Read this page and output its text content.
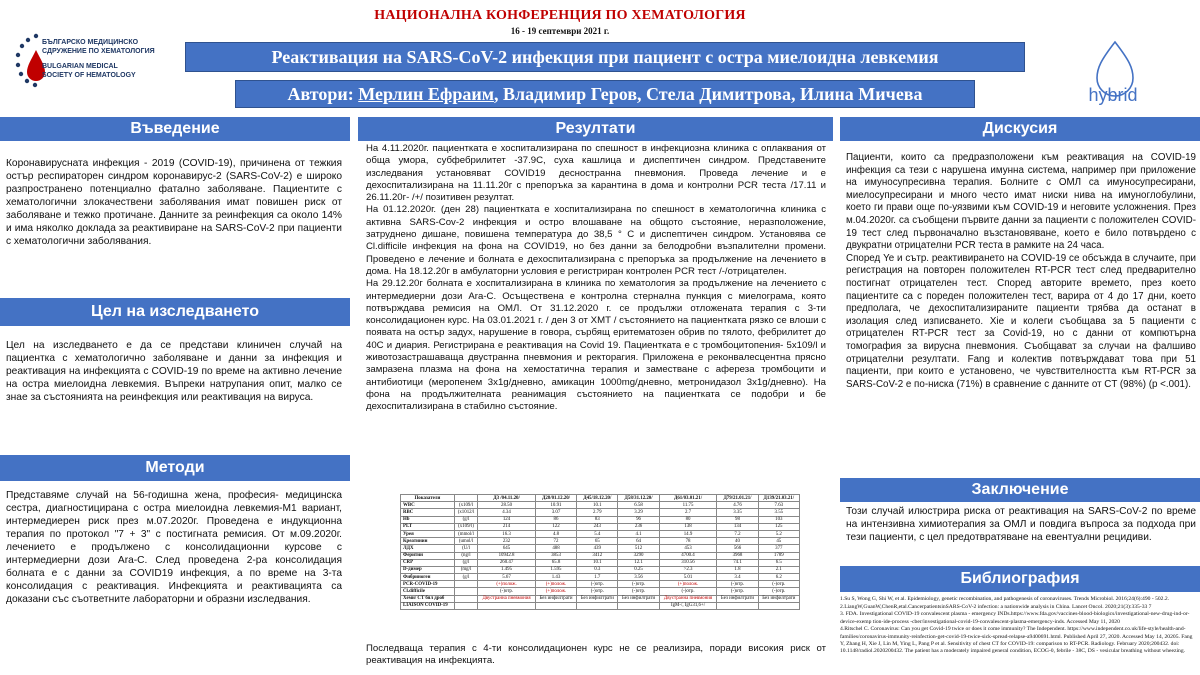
НАЦИОНАЛНА КОНФЕРЕНЦИЯ ПО ХЕМАТОЛОГИЯ
16 - 19 септември 2021 г.
БЪЛГАРСКО МЕДИЦИНСКО
СДРУЖЕНИЕ ПО ХЕМАТОЛОГИЯ
BULGARIAN MEDICAL
SOCIETY OF HEMATOLOGY
hybrid
Реактивация на SARS-CoV-2 инфекция при пациент с остра миелоидна левкемия
Автори: Мерлин Ефраим, Владимир Геров, Стела Димитрова, Илина Мичева
Въведение
Коронавирусната инфекция - 2019 (COVID-19), причинена от тежкия остър респираторен синдром коронавирус-2 (SARS-CoV-2) е широко разпространено потенциално фатално заболяване. Пациентите с хематологични злокачествени заболявания имат повишен риск от заболяване и тежко протичане. Данните за реинфекция са около 14% и има няколко доклада за реактивиране на SARS-CoV-2 при пациенти с хематологични заболявания.
Цел на изследването
Цел на изследването е да се представи клиничен случай на пациентка с хематологично заболяване и данни за инфекция и реактивация на инфекцията с COVID-19 по време на активно лечение на остра миелоидна левкемия. Въпреки натрупания опит, малко се знае за състоянията на реинфекция или реактивация на вируса.
Методи
Представяме случай на 56-годишна жена, професия- медицинска сестра, диагностицирана с остра миелоидна левкемия-М1 вариант, интермедиерен риск през м.07.2020г. Проведена е индукционна терапия по протокол "7 + 3" с постигната ремисия. От м.09.2020г. лечението е продължено с консолидационни курсове с интермедиерни дози Ara-C. След проведена 2-ра консолидация болната е с данни за COVID19 инфекция, а по време на 3-та консолидация с реактивация. Инфекцията и реактивацията са доказани със съответните лабораторни и образни изследвания.
Резултати

На 4.11.2020г. пациентката е хоспитализирана по спешност в инфекциозна клиника с оплаквания от обща умора, субфебрилитет -37.9С, суха кашлица и диспептичен синдром. Представените изследвания установяват COVID19 деснострaнна пневмония. Проведа лечение и е дехоспитализирана на 11.11.20г с препоръка за карантина в дома и контролни PCR теста /17.11 и 26.11.20г- /+/ позитивен резултат.

На 01.12.2020г. (ден 28) пациентката е хоспитализирана по спешност в хематологична клиника с активна SARS-Cov-2 инфекция и остро влошаване на общото състояние, неразположение, затруднено дишане, повишена температура до 38,5 ° С и диспептичен синдром. Установява се Cl.difficile инфекция на фона на COVID19, но без данни за белодробни възпалителни промени. Проведено е лечение и болната е дехоспитализирана с препоръка за продължение на лечението в дома. На 18.12.20г в амбулаторни условия е регистриран контролен PCR тест /-/отрицателен.

На 29.12.20г болната е хоспитализирана в клиника по хематология за продължение на лечението с интермедиерни дози Ara-C. Осъществена е контролна стернална пункция с миелограма, която потвърждава ремисия на ОМЛ. От 31.12.2020 г. се продължи отложената терапия с 3-ти консолидационен курс. На 03.01.2021 г. / ден 3 от ХМТ / състоянието на пациентката рязко се влоши с появата на остър задух, нарушение в говора, сърбящ еритематозен обрив по тялото, фебрилитет до 40С и диария. Регистрирана е реактивация на Covid 19. Пациентката е с тромбоцитопения- 5х109/l и животозастрашаваща двустранна пневмония и ректорагия. Приложена е реконвалесцентна прясно замразена плазма на фона на хемостатична терапия и заместване с афереза тромбоцити и антибиотици (меропенем 3х1g/дневно, амикацин 1000mg/дневно, метронидазол 3х1g/дневно). На фона на продължителната реанимация състоянието на пациентката се подобри и бе дехоспитализирана в стабилно състояние.

Показатели		Д3 /04.11.20/	Д28/01.12.20/	Д45/18.12.20/	Д58/31.12.20/	Д61/03.01.21/	Д79/21.01.21/	Д139/21.03.21/
WBC	(x109/l	28.50	10.91	10.1	6.58	11.75	4.76	7.63
RBC	(x1012/l	4.34	3.07	2.79	3.29	2.7	3.35	3.55
Hb	(g/l	124	86	83	96	80	98	103
PLT	(x109/l)	214	122	243	236	138	134	125
Урея	(mmol/l	16.3	4.8	5.4	4.1	14.9	7.2	5.2
Креатинин	(umol/l	232	72	65	64	78	40	45
ЛДХ	(U/l	645	488	439	512	453	566	377
Феритин	(ng/l	10942.8	3853	3412	3290	4700.4	3968	1789
CRP	(g/l	260.47	65.8	10.1	12.1	310.56	74.1	6.5
D-димер	(mg/l	1.495	1.595	0.3	0.25	>2.3	1.8	2.1
Фибриноген	(g/l	5.67	1.43	1.7	3.56	5.01	3.4	6.2
PCR-COVID-19		(+)полож.	(+)полож.	(-)отр.	(-)отр.	(+)полож.	(-)отр.	(-)отр.
Cl.difficile		(-)отр.	(+)полож.	(-)отр.	(-)отр.	(-)отр.	(-)отр.	(-)отр.
Хеми/ CT бял дроб		Двустранна пневмония	Без инфилтрати	Без инфилтрати	Без инфилтрати	Двустранна пневмония	Без инфилтрати	Без инфилтрати
LIAISON COVID-19						IgM-/, IgG31,6+/		
Последваща терапия с 4-ти консолидационен курс не се реализира, поради високия риск от реактивация на инфекцията.
Дискусия

Пациенти, които са предразположени към реактивация на COVID-19 инфекция са тези с нарушена имунна система, например при приложение на имуносупресивна терапия. Болните с ОМЛ са имуносупресирани, миелосупресирани и много често имат ниски нива на имуноглобулини, което ги прави още по-уязвими към COVID-19 и неговите усложнения. През м.04.2020г. са съобщени първите данни за пациенти с положителен COVID-19 тест след първоначално възстановяване, което е било потвърдено с двукратни отрицателни PCR теста в рамките на 24 часа.

Според Ye и сътр. реактивирането на COVID-19 се обсъжда в случаите, при регистрация на повторен положителен RT-PCR тест след предварително постигнат отрицателен тест. Според авторите времето, през което пациентите са с пореден положителен тест, варира от 4 до 17 дни, което предполага, че дехоспитализираните пациенти трябва да останат в изолация след изписването. Xie и колеги съобщава за 5 пациенти с отрицателен RT-PCR тест за Covid-19, но с данни от компютърна томография за вирусна пневмония. Съобщават за случаи на фалшиво отрицателни резултати. Fang и колектив потвърждават това при 51 пациенти, при които е установено, че чувствителността към RT-PCR за SARS-CoV-2 е по-ниска (71%) в сравнение с данните от CT (98%) (p <.001).

Заключение
Този случай илюстрира риска от реактивация на SARS-CoV-2 по време на интензивна химиотерапия за ОМЛ и повдига въпроса за подхода при тези пациенти, с цел предотвратяване на евентуални рецидиви.
Библиография

1.Su S, Wong G, Shi W, et al. Epidemiology, genetic recombination, and pathogenesis of coronaviruses. Trends Microbiol. 2016;24(6):490 - 502.2.

2.LiangW,GuanW,ChenR,etal.CancerpatientsinSARS-CoV-2 infection: a nationwide analysis in China. Lancet Oncol. 2020;21(3):335-33 7

3. FDA. Investigational COVID-19 convalescent plasma - emergency INDs.https://www.fda.gov/vaccines-blood-biologics/investigational-new-drug-ind-or-device-exemp tion-ide-process -cber/investigational-covid-19-convalescent-plasma-emergency-inds. Accessed May 11, 2020

4.Ritschel C. Coronavirus: Can you get Covid-19 twice or does it come immunity? The Independent. https://www.independent.co.uk/life-style/health-and-families/coronavirus-immunity-reinfection-get-covid-19-twice-sick-spread-relapse-a9400691.html. Published April 27, 2020. Accessed May 14, 20205. Fang Y, Zhang H, Xie J, Lin M, Ying L, Pang P et al. Sensitivity of chest CT for COVID-19: comparison to RT-PCR. Radiology. February 2020;200432. doi: 10.1148/radiol.2020200432. The patient has a moderately impaired general condition, ECOG-0, febrile - 38C, DS - vesicular breathing without wheezing.
